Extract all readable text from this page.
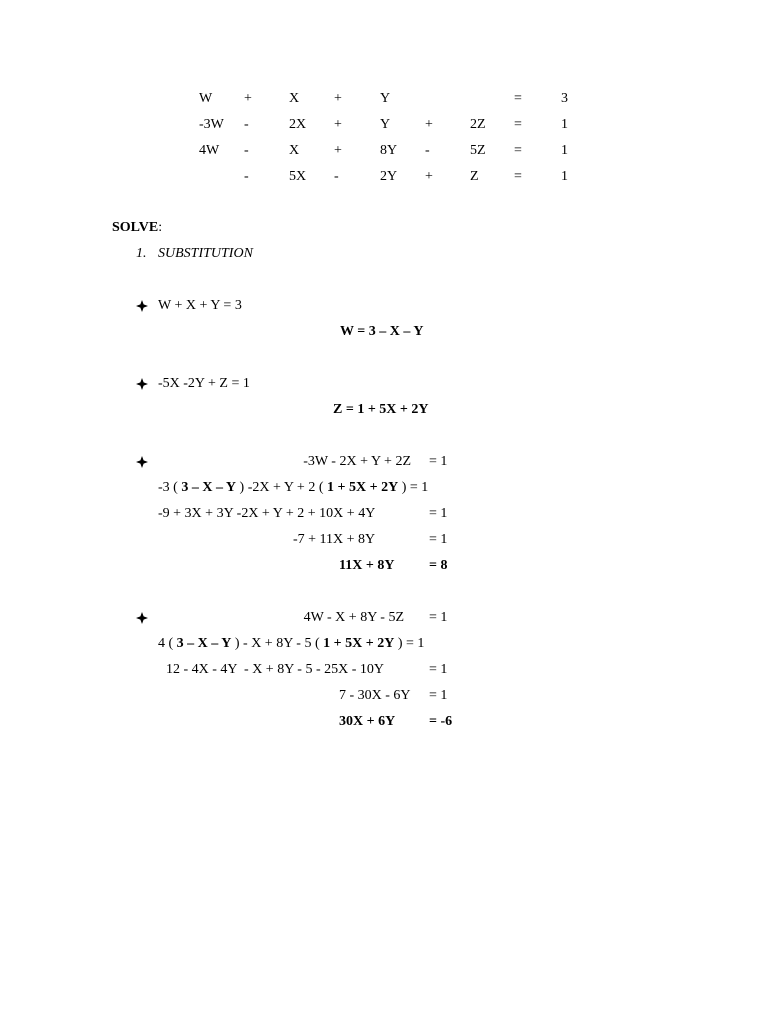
W +	X +	Y	=	3
-3W -	2X +	Y +	2Z =	1
4W -	X +	8Y -	5Z =	1
-	5X -	2Y +	Z	=	1
SOLVE:
1. SUBSTITUTION
W + X + Y = 3
W = 3 – X – Y
-5X -2Y + Z = 1
Z = 1 + 5X + 2Y
-3W - 2X + Y + 2Z = 1
-3 ( 3 – X – Y ) -2X + Y + 2 ( 1 + 5X + 2Y ) = 1
-9 + 3X + 3Y -2X + Y + 2 + 10X + 4Y	= 1
-7 + 11X + 8Y	= 1
11X + 8Y = 8
4W - X + 8Y - 5Z = 1
4 ( 3 – X – Y ) - X + 8Y - 5 ( 1 + 5X + 2Y ) = 1
12 - 4X - 4Y  - X + 8Y - 5 - 25X - 10Y	= 1
7 - 30X - 6Y = 1
30X + 6Y = -6
